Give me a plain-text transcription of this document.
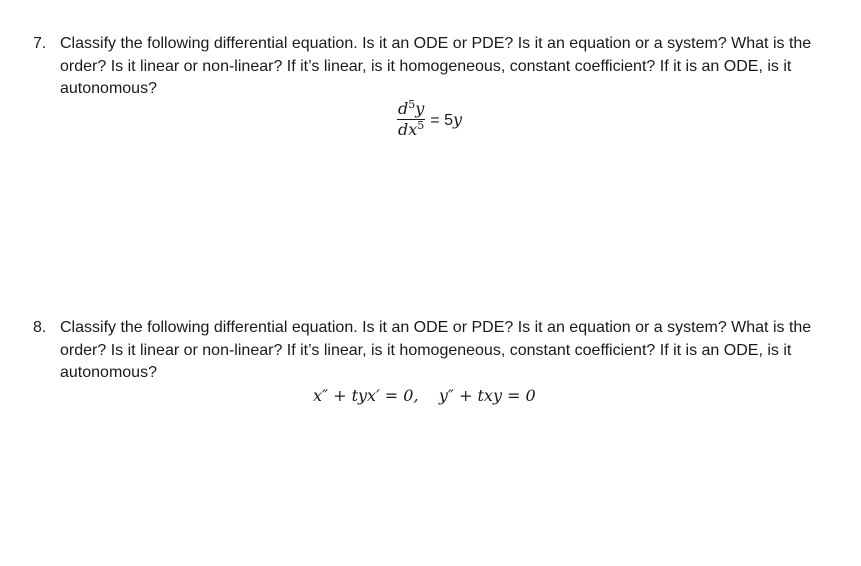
7. Classify the following differential equation. Is it an ODE or PDE? Is it an equation or a system? What is the order? Is it linear or non-linear? If it’s linear, is it homogeneous, constant coefficient? If it is an ODE, is it autonomous?
$\frac{d^5y}{dx^5} = 5y$
8. Classify the following differential equation. Is it an ODE or PDE? Is it an equation or a system? What is the order? Is it linear or non-linear? If it’s linear, is it homogeneous, constant coefficient? If it is an ODE, is it autonomous?
x″ + tyx′ = 0,    y″ + txy = 0
